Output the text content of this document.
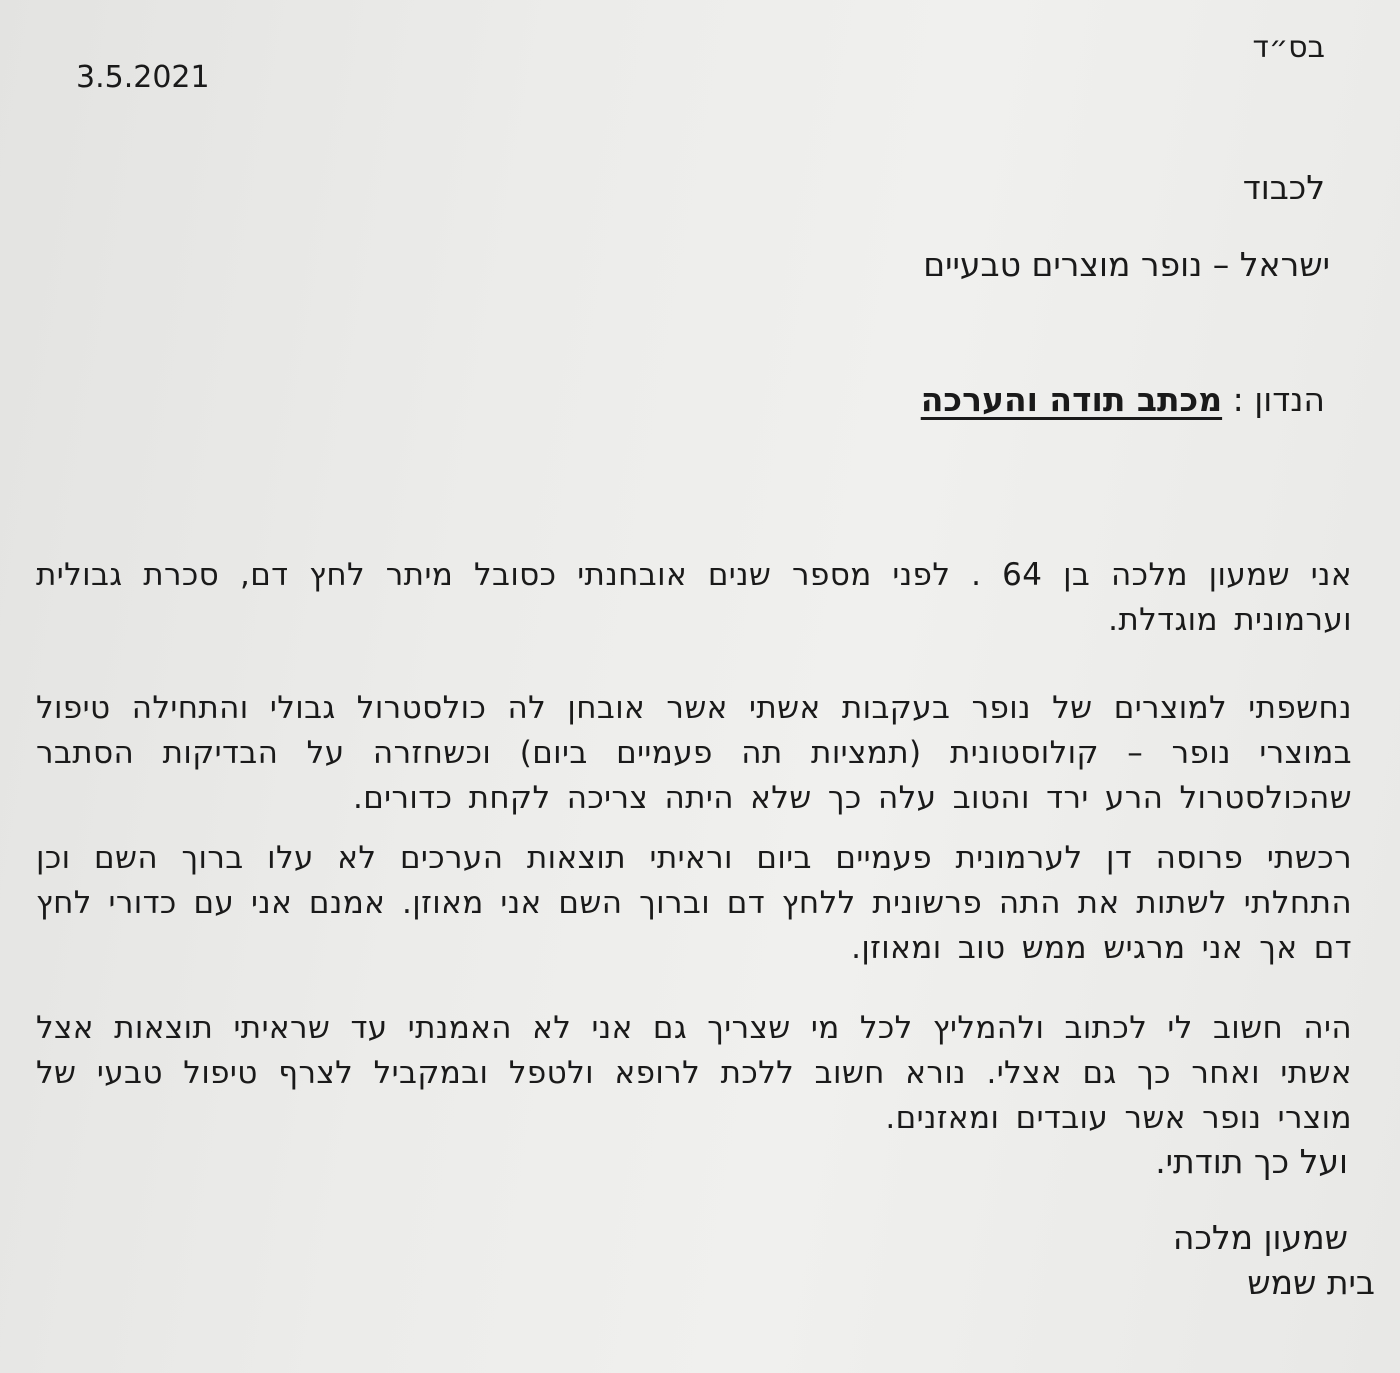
בס״ד
3.5.2021
לכבוד
ישראל – נופר מוצרים טבעיים
הנדון : מכתב תודה והערכה

אני שמעון מלכה בן 64 . לפני מספר שנים אובחנתי כסובל מיתר לחץ דם, סכרת גבולית וערמונית מוגדלת.

נחשפתי למוצרים של נופר בעקבות אשתי אשר אובחן לה כולסטרול גבולי והתחילה טיפול במוצרי נופר – קולוסטונית (תמציות תה פעמיים ביום) וכשחזרה על הבדיקות הסתבר שהכולסטרול הרע ירד והטוב עלה כך שלא היתה צריכה לקחת כדורים.

רכשתי פרוסה דן לערמונית פעמיים ביום וראיתי תוצאות הערכים לא עלו ברוך השם וכן התחלתי לשתות את התה פרשונית ללחץ דם וברוך השם אני מאוזן. אמנם אני עם כדורי לחץ דם אך אני מרגיש ממש טוב ומאוזן.

היה חשוב לי לכתוב ולהמליץ לכל מי שצריך גם אני לא האמנתי עד שראיתי תוצאות אצל אשתי ואחר כך גם אצלי. נורא חשוב ללכת לרופא ולטפל ובמקביל לצרף טיפול טבעי של מוצרי נופר אשר עובדים ומאזנים.

ועל כך תודתי.
שמעון מלכה
בית שמש
